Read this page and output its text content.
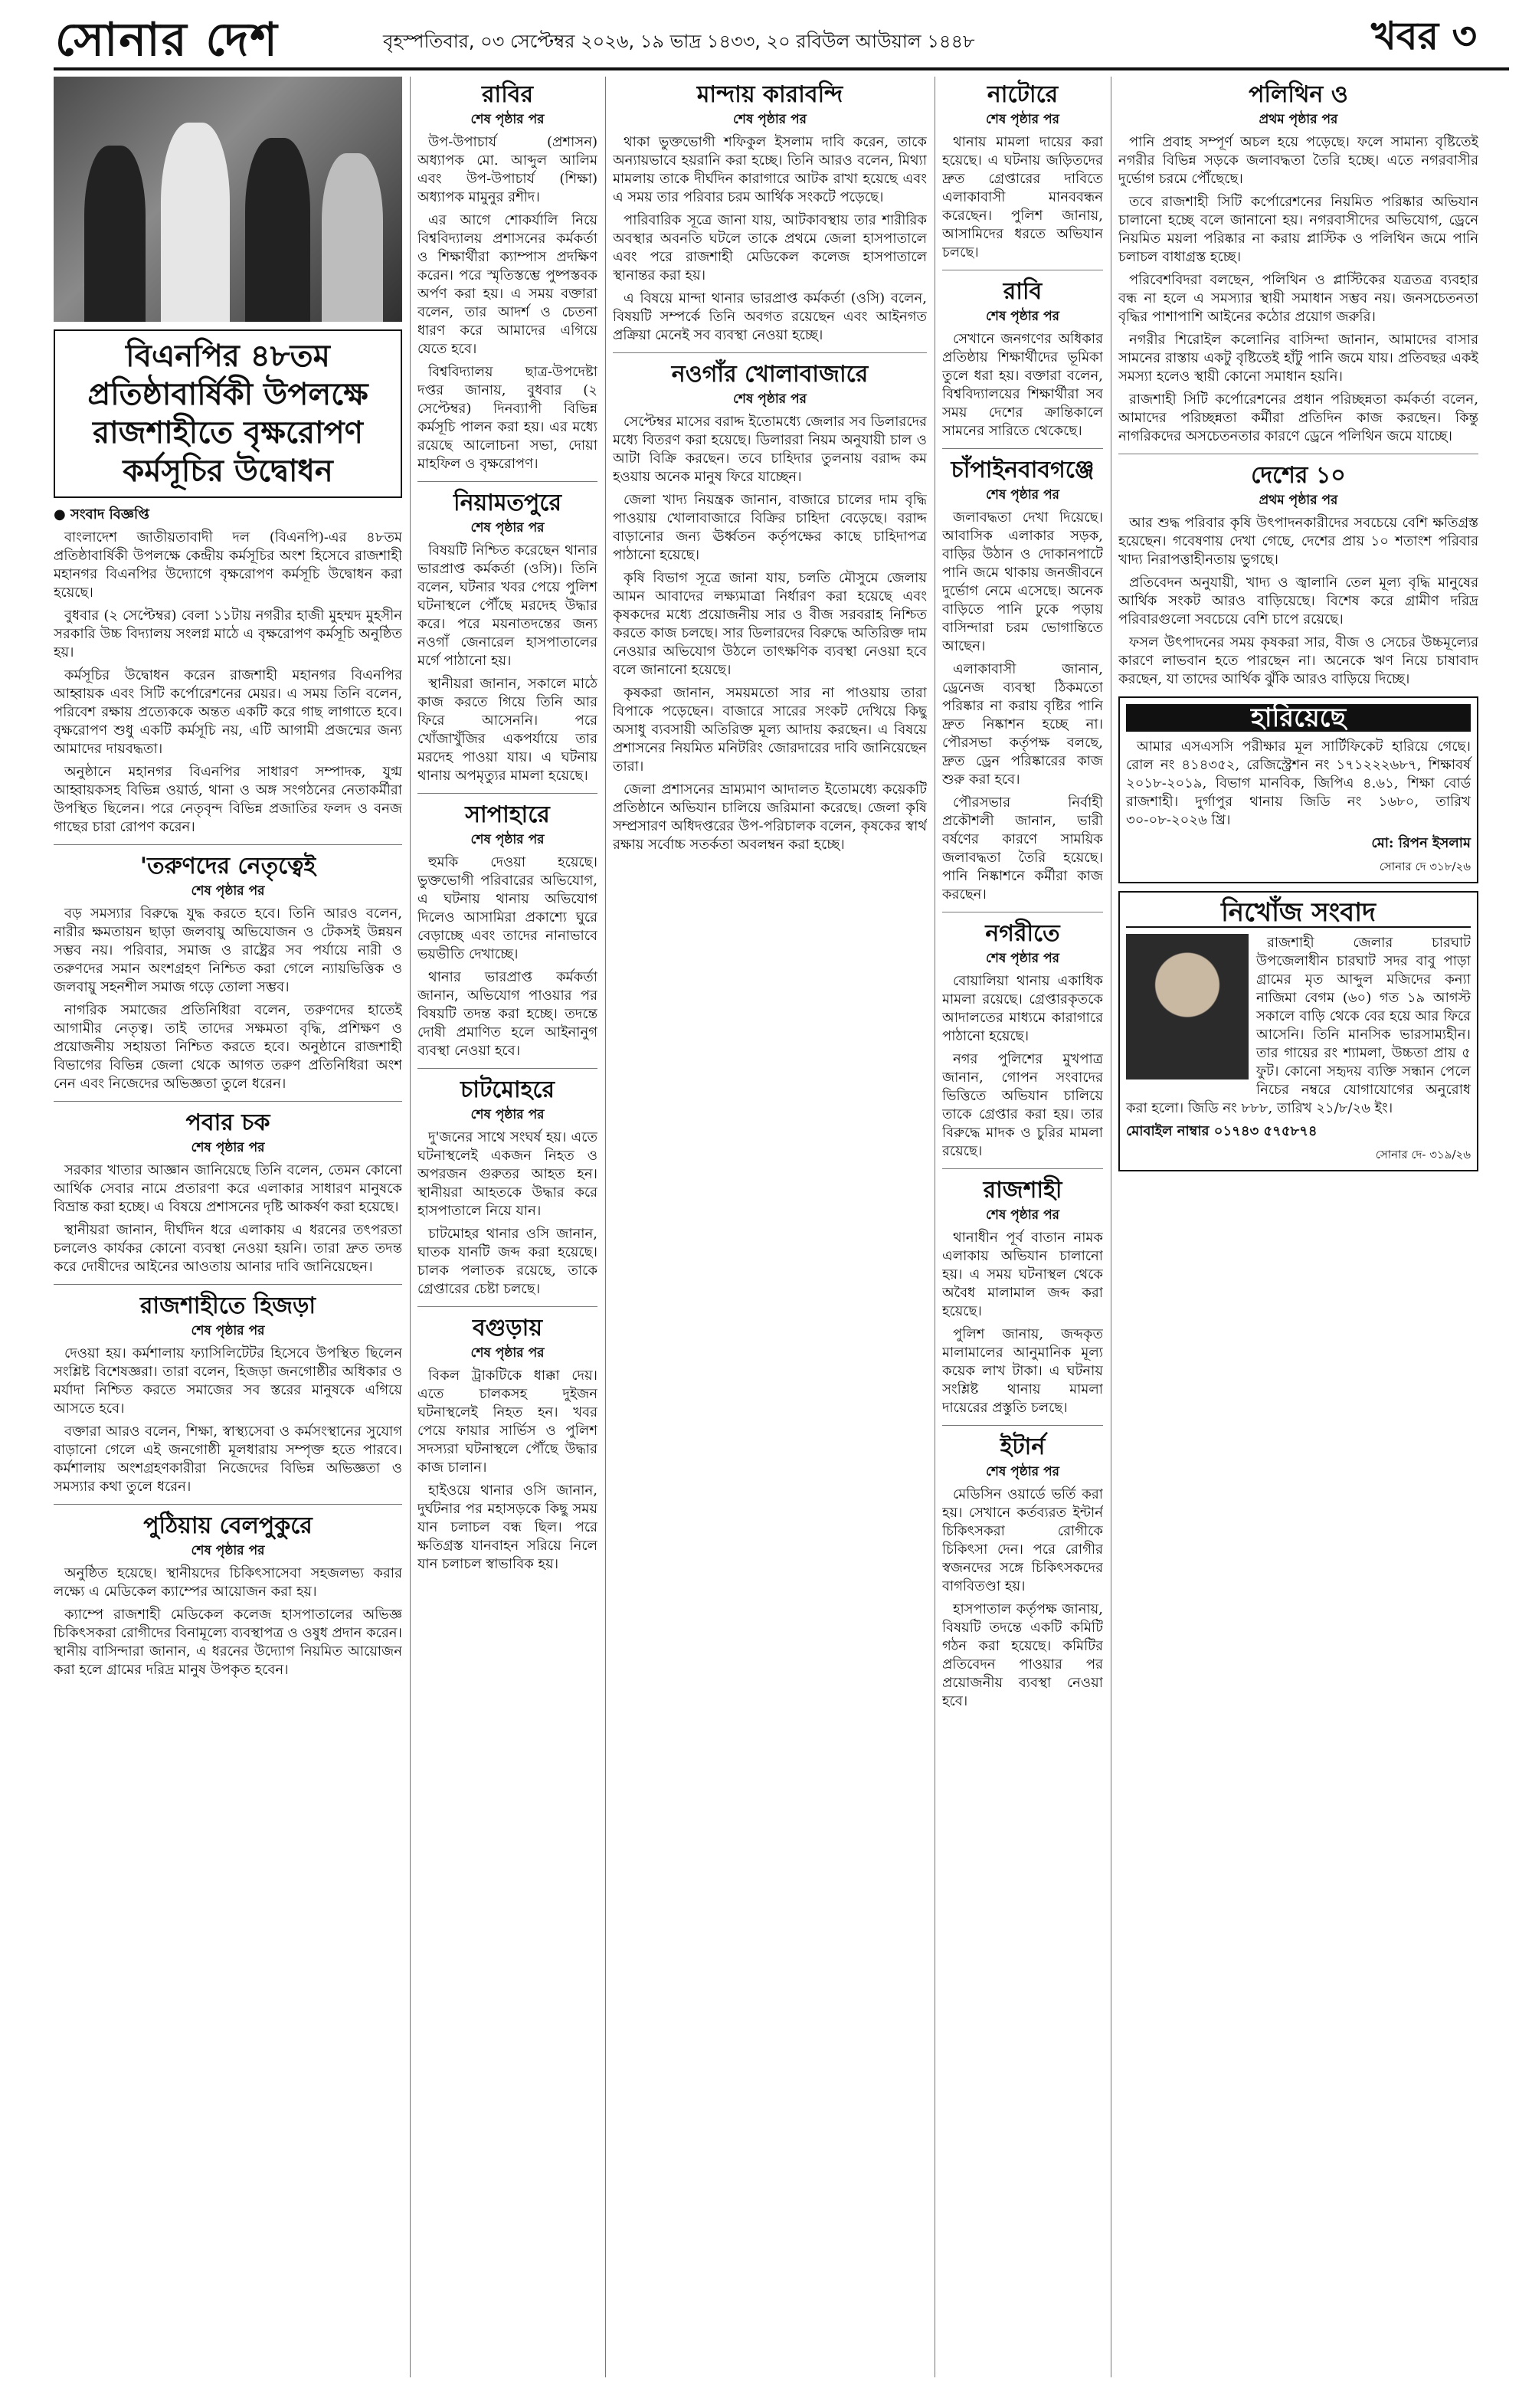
সোনার দেশ	বৃহস্পতিবার, ০৩ সেপ্টেম্বর ২০২৬, ১৯ ভাদ্র ১৪৩৩, ২০ রবিউল আউয়াল ১৪৪৮	খবর ৩
বিএনপির ৪৮তম প্রতিষ্ঠাবার্ষিকী উপলক্ষে
রাজশাহীতে বৃক্ষরোপণ কর্মসূচির উদ্বোধন
● সংবাদ বিজ্ঞপ্তি

বাংলাদেশ জাতীয়তাবাদী দল (বিএনপি)-এর ৪৮তম প্রতিষ্ঠাবার্ষিকী উপলক্ষে কেন্দ্রীয় কর্মসূচির অংশ হিসেবে রাজশাহী মহানগর বিএনপির উদ্যোগে বৃক্ষরোপণ কর্মসূচি উদ্বোধন করা হয়েছে।

বুধবার (২ সেপ্টেম্বর) বেলা ১১টায় নগরীর হাজী মুহম্মদ মুহসীন সরকারি উচ্চ বিদ্যালয় সংলগ্ন মাঠে এ বৃক্ষরোপণ কর্মসূচি অনুষ্ঠিত হয়।

কর্মসূচির উদ্বোধন করেন রাজশাহী মহানগর বিএনপির আহ্বায়ক এবং সিটি কর্পোরেশনের মেয়র। এ সময় তিনি বলেন, পরিবেশ রক্ষায় প্রত্যেককে অন্তত একটি করে গাছ লাগাতে হবে। বৃক্ষরোপণ শুধু একটি কর্মসূচি নয়, এটি আগামী প্রজন্মের জন্য আমাদের দায়বদ্ধতা।

অনুষ্ঠানে মহানগর বিএনপির সাধারণ সম্পাদক, যুগ্ম আহ্বায়কসহ বিভিন্ন ওয়ার্ড, থানা ও অঙ্গ সংগঠনের নেতাকর্মীরা উপস্থিত ছিলেন। পরে নেতৃবৃন্দ বিভিন্ন প্রজাতির ফলদ ও বনজ গাছের চারা রোপণ করেন।

'তরুণদের নেতৃত্বেই
শেষ পৃষ্ঠার পর

বড় সমস্যার বিরুদ্ধে যুদ্ধ করতে হবে। তিনি আরও বলেন, নারীর ক্ষমতায়ন ছাড়া জলবায়ু অভিযোজন ও টেকসই উন্নয়ন সম্ভব নয়। পরিবার, সমাজ ও রাষ্ট্রের সব পর্যায়ে নারী ও তরুণদের সমান অংশগ্রহণ নিশ্চিত করা গেলে ন্যায়ভিত্তিক ও জলবায়ু সহনশীল সমাজ গড়ে তোলা সম্ভব।

নাগরিক সমাজের প্রতিনিধিরা বলেন, তরুণদের হাতেই আগামীর নেতৃত্ব। তাই তাদের সক্ষমতা বৃদ্ধি, প্রশিক্ষণ ও প্রয়োজনীয় সহায়তা নিশ্চিত করতে হবে। অনুষ্ঠানে রাজশাহী বিভাগের বিভিন্ন জেলা থেকে আগত তরুণ প্রতিনিধিরা অংশ নেন এবং নিজেদের অভিজ্ঞতা তুলে ধরেন।

পবার চক
শেষ পৃষ্ঠার পর

সরকার খাতার আজ্ঞান জানিয়েছে তিনি বলেন, তেমন কোনো আর্থিক সেবার নামে প্রতারণা করে এলাকার সাধারণ মানুষকে বিভ্রান্ত করা হচ্ছে। এ বিষয়ে প্রশাসনের দৃষ্টি আকর্ষণ করা হয়েছে।

স্থানীয়রা জানান, দীর্ঘদিন ধরে এলাকায় এ ধরনের তৎপরতা চললেও কার্যকর কোনো ব্যবস্থা নেওয়া হয়নি। তারা দ্রুত তদন্ত করে দোষীদের আইনের আওতায় আনার দাবি জানিয়েছেন।

রাজশাহীতে হিজড়া
শেষ পৃষ্ঠার পর

দেওয়া হয়। কর্মশালায় ফ্যাসিলিটেটর হিসেবে উপস্থিত ছিলেন সংশ্লিষ্ট বিশেষজ্ঞরা। তারা বলেন, হিজড়া জনগোষ্ঠীর অধিকার ও মর্যাদা নিশ্চিত করতে সমাজের সব স্তরের মানুষকে এগিয়ে আসতে হবে।

বক্তারা আরও বলেন, শিক্ষা, স্বাস্থ্যসেবা ও কর্মসংস্থানের সুযোগ বাড়ানো গেলে এই জনগোষ্ঠী মূলধারায় সম্পৃক্ত হতে পারবে। কর্মশালায় অংশগ্রহণকারীরা নিজেদের বিভিন্ন অভিজ্ঞতা ও সমস্যার কথা তুলে ধরেন।

পুঠিয়ায় বেলপুকুরে
শেষ পৃষ্ঠার পর

অনুষ্ঠিত হয়েছে। স্থানীয়দের চিকিৎসাসেবা সহজলভ্য করার লক্ষ্যে এ মেডিকেল ক্যাম্পের আয়োজন করা হয়।

ক্যাম্পে রাজশাহী মেডিকেল কলেজ হাসপাতালের অভিজ্ঞ চিকিৎসকরা রোগীদের বিনামূল্যে ব্যবস্থাপত্র ও ওষুধ প্রদান করেন। স্থানীয় বাসিন্দারা জানান, এ ধরনের উদ্যোগ নিয়মিত আয়োজন করা হলে গ্রামের দরিদ্র মানুষ উপকৃত হবেন।

রাবির
শেষ পৃষ্ঠার পর

উপ-উপাচার্য (প্রশাসন) অধ্যাপক মো. আব্দুল আলিম এবং উপ-উপাচার্য (শিক্ষা) অধ্যাপক মামুনুর রশীদ।

এর আগে শোকর্যালি নিয়ে বিশ্ববিদ্যালয় প্রশাসনের কর্মকর্তা ও শিক্ষার্থীরা ক্যাম্পাস প্রদক্ষিণ করেন। পরে স্মৃতিস্তম্ভে পুষ্পস্তবক অর্পণ করা হয়। এ সময় বক্তারা বলেন, তার আদর্শ ও চেতনা ধারণ করে আমাদের এগিয়ে যেতে হবে।

বিশ্ববিদ্যালয় ছাত্র-উপদেষ্টা দপ্তর জানায়, বুধবার (২ সেপ্টেম্বর) দিনব্যাপী বিভিন্ন কর্মসূচি পালন করা হয়। এর মধ্যে রয়েছে আলোচনা সভা, দোয়া মাহফিল ও বৃক্ষরোপণ।

নিয়ামতপুরে
শেষ পৃষ্ঠার পর

বিষয়টি নিশ্চিত করেছেন থানার ভারপ্রাপ্ত কর্মকর্তা (ওসি)। তিনি বলেন, ঘটনার খবর পেয়ে পুলিশ ঘটনাস্থলে পৌঁছে মরদেহ উদ্ধার করে। পরে ময়নাতদন্তের জন্য নওগাঁ জেনারেল হাসপাতালের মর্গে পাঠানো হয়।

স্থানীয়রা জানান, সকালে মাঠে কাজ করতে গিয়ে তিনি আর ফিরে আসেননি। পরে খোঁজাখুঁজির একপর্যায়ে তার মরদেহ পাওয়া যায়। এ ঘটনায় থানায় অপমৃত্যুর মামলা হয়েছে।

সাপাহারে
শেষ পৃষ্ঠার পর

হুমকি দেওয়া হয়েছে। ভুক্তভোগী পরিবারের অভিযোগ, এ ঘটনায় থানায় অভিযোগ দিলেও আসামিরা প্রকাশ্যে ঘুরে বেড়াচ্ছে এবং তাদের নানাভাবে ভয়ভীতি দেখাচ্ছে।

থানার ভারপ্রাপ্ত কর্মকর্তা জানান, অভিযোগ পাওয়ার পর বিষয়টি তদন্ত করা হচ্ছে। তদন্তে দোষী প্রমাণিত হলে আইনানুগ ব্যবস্থা নেওয়া হবে।

চাটমোহরে
শেষ পৃষ্ঠার পর

দু'জনের সাথে সংঘর্ষ হয়। এতে ঘটনাস্থলেই একজন নিহত ও অপরজন গুরুতর আহত হন। স্থানীয়রা আহতকে উদ্ধার করে হাসপাতালে নিয়ে যান।

চাটমোহর থানার ওসি জানান, ঘাতক যানটি জব্দ করা হয়েছে। চালক পলাতক রয়েছে, তাকে গ্রেপ্তারের চেষ্টা চলছে।

বগুড়ায়
শেষ পৃষ্ঠার পর

বিকল ট্রাকটিকে ধাক্কা দেয়। এতে চালকসহ দুইজন ঘটনাস্থলেই নিহত হন। খবর পেয়ে ফায়ার সার্ভিস ও পুলিশ সদস্যরা ঘটনাস্থলে পৌঁছে উদ্ধার কাজ চালান।

হাইওয়ে থানার ওসি জানান, দুর্ঘটনার পর মহাসড়কে কিছু সময় যান চলাচল বন্ধ ছিল। পরে ক্ষতিগ্রস্ত যানবাহন সরিয়ে নিলে যান চলাচল স্বাভাবিক হয়।

মান্দায় কারাবন্দি
শেষ পৃষ্ঠার পর

থাকা ভুক্তভোগী শফিকুল ইসলাম দাবি করেন, তাকে অন্যায়ভাবে হয়রানি করা হচ্ছে। তিনি আরও বলেন, মিথ্যা মামলায় তাকে দীর্ঘদিন কারাগারে আটক রাখা হয়েছে এবং এ সময় তার পরিবার চরম আর্থিক সংকটে পড়েছে।

পারিবারিক সূত্রে জানা যায়, আটকাবস্থায় তার শারীরিক অবস্থার অবনতি ঘটলে তাকে প্রথমে জেলা হাসপাতালে এবং পরে রাজশাহী মেডিকেল কলেজ হাসপাতালে স্থানান্তর করা হয়।

এ বিষয়ে মান্দা থানার ভারপ্রাপ্ত কর্মকর্তা (ওসি) বলেন, বিষয়টি সম্পর্কে তিনি অবগত রয়েছেন এবং আইনগত প্রক্রিয়া মেনেই সব ব্যবস্থা নেওয়া হচ্ছে।

নওগাঁর খোলাবাজারে
শেষ পৃষ্ঠার পর

সেপ্টেম্বর মাসের বরাদ্দ ইতোমধ্যে জেলার সব ডিলারদের মধ্যে বিতরণ করা হয়েছে। ডিলাররা নিয়ম অনুযায়ী চাল ও আটা বিক্রি করছেন। তবে চাহিদার তুলনায় বরাদ্দ কম হওয়ায় অনেক মানুষ ফিরে যাচ্ছেন।

জেলা খাদ্য নিয়ন্ত্রক জানান, বাজারে চালের দাম বৃদ্ধি পাওয়ায় খোলাবাজারে বিক্রির চাহিদা বেড়েছে। বরাদ্দ বাড়ানোর জন্য ঊর্ধ্বতন কর্তৃপক্ষের কাছে চাহিদাপত্র পাঠানো হয়েছে।

কৃষি বিভাগ সূত্রে জানা যায়, চলতি মৌসুমে জেলায় আমন আবাদের লক্ষ্যমাত্রা নির্ধারণ করা হয়েছে এবং কৃষকদের মধ্যে প্রয়োজনীয় সার ও বীজ সরবরাহ নিশ্চিত করতে কাজ চলছে। সার ডিলারদের বিরুদ্ধে অতিরিক্ত দাম নেওয়ার অভিযোগ উঠলে তাৎক্ষণিক ব্যবস্থা নেওয়া হবে বলে জানানো হয়েছে।

কৃষকরা জানান, সময়মতো সার না পাওয়ায় তারা বিপাকে পড়েছেন। বাজারে সারের সংকট দেখিয়ে কিছু অসাধু ব্যবসায়ী অতিরিক্ত মূল্য আদায় করছেন। এ বিষয়ে প্রশাসনের নিয়মিত মনিটরিং জোরদারের দাবি জানিয়েছেন তারা।

জেলা প্রশাসনের ভ্রাম্যমাণ আদালত ইতোমধ্যে কয়েকটি প্রতিষ্ঠানে অভিযান চালিয়ে জরিমানা করেছে। জেলা কৃষি সম্প্রসারণ অধিদপ্তরের উপ-পরিচালক বলেন, কৃষকের স্বার্থ রক্ষায় সর্বোচ্চ সতর্কতা অবলম্বন করা হচ্ছে।

নাটোরে
শেষ পৃষ্ঠার পর

থানায় মামলা দায়ের করা হয়েছে। এ ঘটনায় জড়িতদের দ্রুত গ্রেপ্তারের দাবিতে এলাকাবাসী মানববন্ধন করেছেন। পুলিশ জানায়, আসামিদের ধরতে অভিযান চলছে।

রাবি
শেষ পৃষ্ঠার পর

সেখানে জনগণের অধিকার প্রতিষ্ঠায় শিক্ষার্থীদের ভূমিকা তুলে ধরা হয়। বক্তারা বলেন, বিশ্ববিদ্যালয়ের শিক্ষার্থীরা সব সময় দেশের ক্রান্তিকালে সামনের সারিতে থেকেছে।

চাঁপাইনবাবগঞ্জে
শেষ পৃষ্ঠার পর

জলাবদ্ধতা দেখা দিয়েছে। আবাসিক এলাকার সড়ক, বাড়ির উঠান ও দোকানপাটে পানি জমে থাকায় জনজীবনে দুর্ভোগ নেমে এসেছে। অনেক বাড়িতে পানি ঢুকে পড়ায় বাসিন্দারা চরম ভোগান্তিতে আছেন।

এলাকাবাসী জানান, ড্রেনেজ ব্যবস্থা ঠিকমতো পরিষ্কার না করায় বৃষ্টির পানি দ্রুত নিষ্কাশন হচ্ছে না। পৌরসভা কর্তৃপক্ষ বলছে, দ্রুত ড্রেন পরিষ্কারের কাজ শুরু করা হবে।

পৌরসভার নির্বাহী প্রকৌশলী জানান, ভারী বর্ষণের কারণে সাময়িক জলাবদ্ধতা তৈরি হয়েছে। পানি নিষ্কাশনে কর্মীরা কাজ করছেন।

নগরীতে
শেষ পৃষ্ঠার পর

বোয়ালিয়া থানায় একাধিক মামলা রয়েছে। গ্রেপ্তারকৃতকে আদালতের মাধ্যমে কারাগারে পাঠানো হয়েছে।

নগর পুলিশের মুখপাত্র জানান, গোপন সংবাদের ভিত্তিতে অভিযান চালিয়ে তাকে গ্রেপ্তার করা হয়। তার বিরুদ্ধে মাদক ও চুরির মামলা রয়েছে।

রাজশাহী
শেষ পৃষ্ঠার পর

থানাধীন পূর্ব বাতান নামক এলাকায় অভিযান চালানো হয়। এ সময় ঘটনাস্থল থেকে অবৈধ মালামাল জব্দ করা হয়েছে।

পুলিশ জানায়, জব্দকৃত মালামালের আনুমানিক মূল্য কয়েক লাখ টাকা। এ ঘটনায় সংশ্লিষ্ট থানায় মামলা দায়েরের প্রস্তুতি চলছে।

ইটার্ন
শেষ পৃষ্ঠার পর

মেডিসিন ওয়ার্ডে ভর্তি করা হয়। সেখানে কর্তব্যরত ইন্টার্ন চিকিৎসকরা রোগীকে চিকিৎসা দেন। পরে রোগীর স্বজনদের সঙ্গে চিকিৎসকদের বাগবিতণ্ডা হয়।

হাসপাতাল কর্তৃপক্ষ জানায়, বিষয়টি তদন্তে একটি কমিটি গঠন করা হয়েছে। কমিটির প্রতিবেদন পাওয়ার পর প্রয়োজনীয় ব্যবস্থা নেওয়া হবে।

পলিথিন ও
প্রথম পৃষ্ঠার পর

পানি প্রবাহ সম্পূর্ণ অচল হয়ে পড়েছে। ফলে সামান্য বৃষ্টিতেই নগরীর বিভিন্ন সড়কে জলাবদ্ধতা তৈরি হচ্ছে। এতে নগরবাসীর দুর্ভোগ চরমে পৌঁছেছে।

তবে রাজশাহী সিটি কর্পোরেশনের নিয়মিত পরিষ্কার অভিযান চালানো হচ্ছে বলে জানানো হয়। নগরবাসীদের অভিযোগ, ড্রেনে নিয়মিত ময়লা পরিষ্কার না করায় প্লাস্টিক ও পলিথিন জমে পানি চলাচল বাধাগ্রস্ত হচ্ছে।

পরিবেশবিদরা বলছেন, পলিথিন ও প্লাস্টিকের যত্রতত্র ব্যবহার বন্ধ না হলে এ সমস্যার স্থায়ী সমাধান সম্ভব নয়। জনসচেতনতা বৃদ্ধির পাশাপাশি আইনের কঠোর প্রয়োগ জরুরি।

নগরীর শিরোইল কলোনির বাসিন্দা জানান, আমাদের বাসার সামনের রাস্তায় একটু বৃষ্টিতেই হাঁটু পানি জমে যায়। প্রতিবছর একই সমস্যা হলেও স্থায়ী কোনো সমাধান হয়নি।

রাজশাহী সিটি কর্পোরেশনের প্রধান পরিচ্ছন্নতা কর্মকর্তা বলেন, আমাদের পরিচ্ছন্নতা কর্মীরা প্রতিদিন কাজ করছেন। কিন্তু নাগরিকদের অসচেতনতার কারণে ড্রেনে পলিথিন জমে যাচ্ছে।

দেশের ১০
প্রথম পৃষ্ঠার পর

আর শুদ্ধ পরিবার কৃষি উৎপাদনকারীদের সবচেয়ে বেশি ক্ষতিগ্রস্ত হয়েছেন। গবেষণায় দেখা গেছে, দেশের প্রায় ১০ শতাংশ পরিবার খাদ্য নিরাপত্তাহীনতায় ভুগছে।

প্রতিবেদন অনুযায়ী, খাদ্য ও জ্বালানি তেল মূল্য বৃদ্ধি মানুষের আর্থিক সংকট আরও বাড়িয়েছে। বিশেষ করে গ্রামীণ দরিদ্র পরিবারগুলো সবচেয়ে বেশি চাপে রয়েছে।

ফসল উৎপাদনের সময় কৃষকরা সার, বীজ ও সেচের উচ্চমূল্যের কারণে লাভবান হতে পারছেন না। অনেকে ঋণ নিয়ে চাষাবাদ করছেন, যা তাদের আর্থিক ঝুঁকি আরও বাড়িয়ে দিচ্ছে।

হারিয়েছে

আমার এসএসসি পরীক্ষার মূল সার্টিফিকেট হারিয়ে গেছে। রোল নং ৪১৪৩৫২, রেজিস্ট্রেশন নং ১৭১২২২৬৮৭, শিক্ষাবর্ষ ২০১৮-২০১৯, বিভাগ মানবিক, জিপিএ ৪.৬১, শিক্ষা বোর্ড রাজশাহী। দুর্গাপুর থানায় জিডি নং ১৬৮০, তারিখ ৩০-০৮-২০২৬ খ্রি।

মো: রিপন ইসলাম
সোনার দে ৩১৮/২৬
নিখোঁজ সংবাদ

রাজশাহী জেলার চারঘাট উপজেলাধীন চারঘাট সদর বাবু পাড়া গ্রামের মৃত আব্দুল মজিদের কন্যা নাজিমা বেগম (৬০) গত ১৯ আগস্ট সকালে বাড়ি থেকে বের হয়ে আর ফিরে আসেনি। তিনি মানসিক ভারসাম্যহীন। তার গায়ের রং শ্যামলা, উচ্চতা প্রায় ৫ ফুট। কোনো সহৃদয় ব্যক্তি সন্ধান পেলে নিচের নম্বরে যোগাযোগের অনুরোধ করা হলো। জিডি নং ৮৮৮, তারিখ ২১/৮/২৬ ইং।

মোবাইল নাম্বার ০১৭৪৩ ৫৭৫৮৭৪
সোনার দে- ৩১৯/২৬
